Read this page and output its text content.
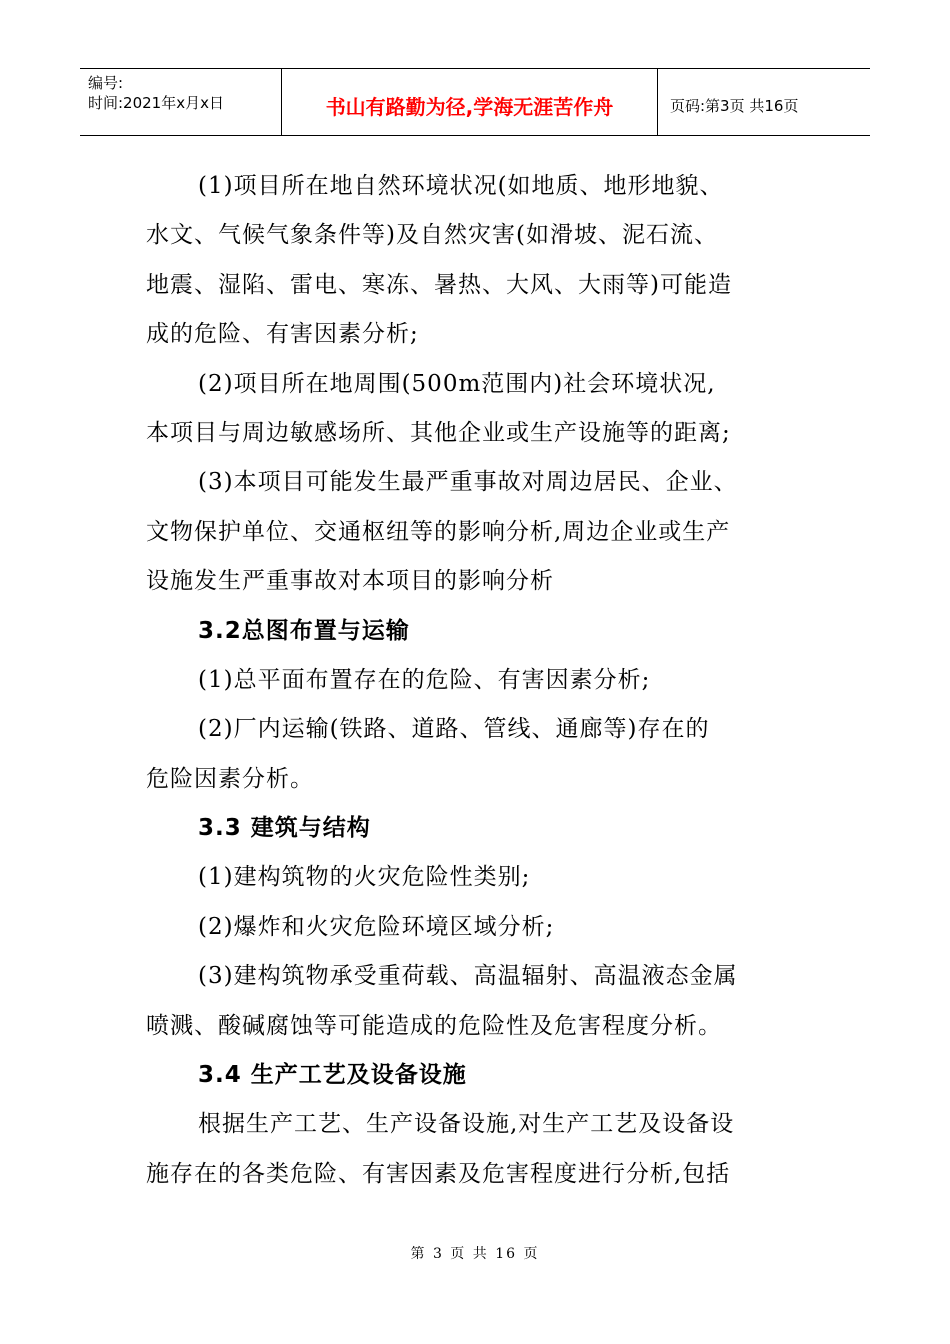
编号:
时间:2021年x月x日	书山有路勤为径,学海无涯苦作舟	页码:第3页 共16页
(1)项目所在地自然环境状况(如地质、地形地貌、
水文、气候气象条件等)及自然灾害(如滑坡、泥石流、
地震、湿陷、雷电、寒冻、暑热、大风、大雨等)可能造
成的危险、有害因素分析;
(2)项目所在地周围(500m范围内)社会环境状况,
本项目与周边敏感场所、其他企业或生产设施等的距离;
(3)本项目可能发生最严重事故对周边居民、企业、
文物保护单位、交通枢纽等的影响分析,周边企业或生产
设施发生严重事故对本项目的影响分析
3.2总图布置与运输
(1)总平面布置存在的危险、有害因素分析;
(2)厂内运输(铁路、道路、管线、通廊等)存在的
危险因素分析。
3.3 建筑与结构
(1)建构筑物的火灾危险性类别;
(2)爆炸和火灾危险环境区域分析;
(3)建构筑物承受重荷载、高温辐射、高温液态金属
喷溅、酸碱腐蚀等可能造成的危险性及危害程度分析。
3.4 生产工艺及设备设施
根据生产工艺、生产设备设施,对生产工艺及设备设
施存在的各类危险、有害因素及危害程度进行分析,包括
第 3 页 共 16 页
